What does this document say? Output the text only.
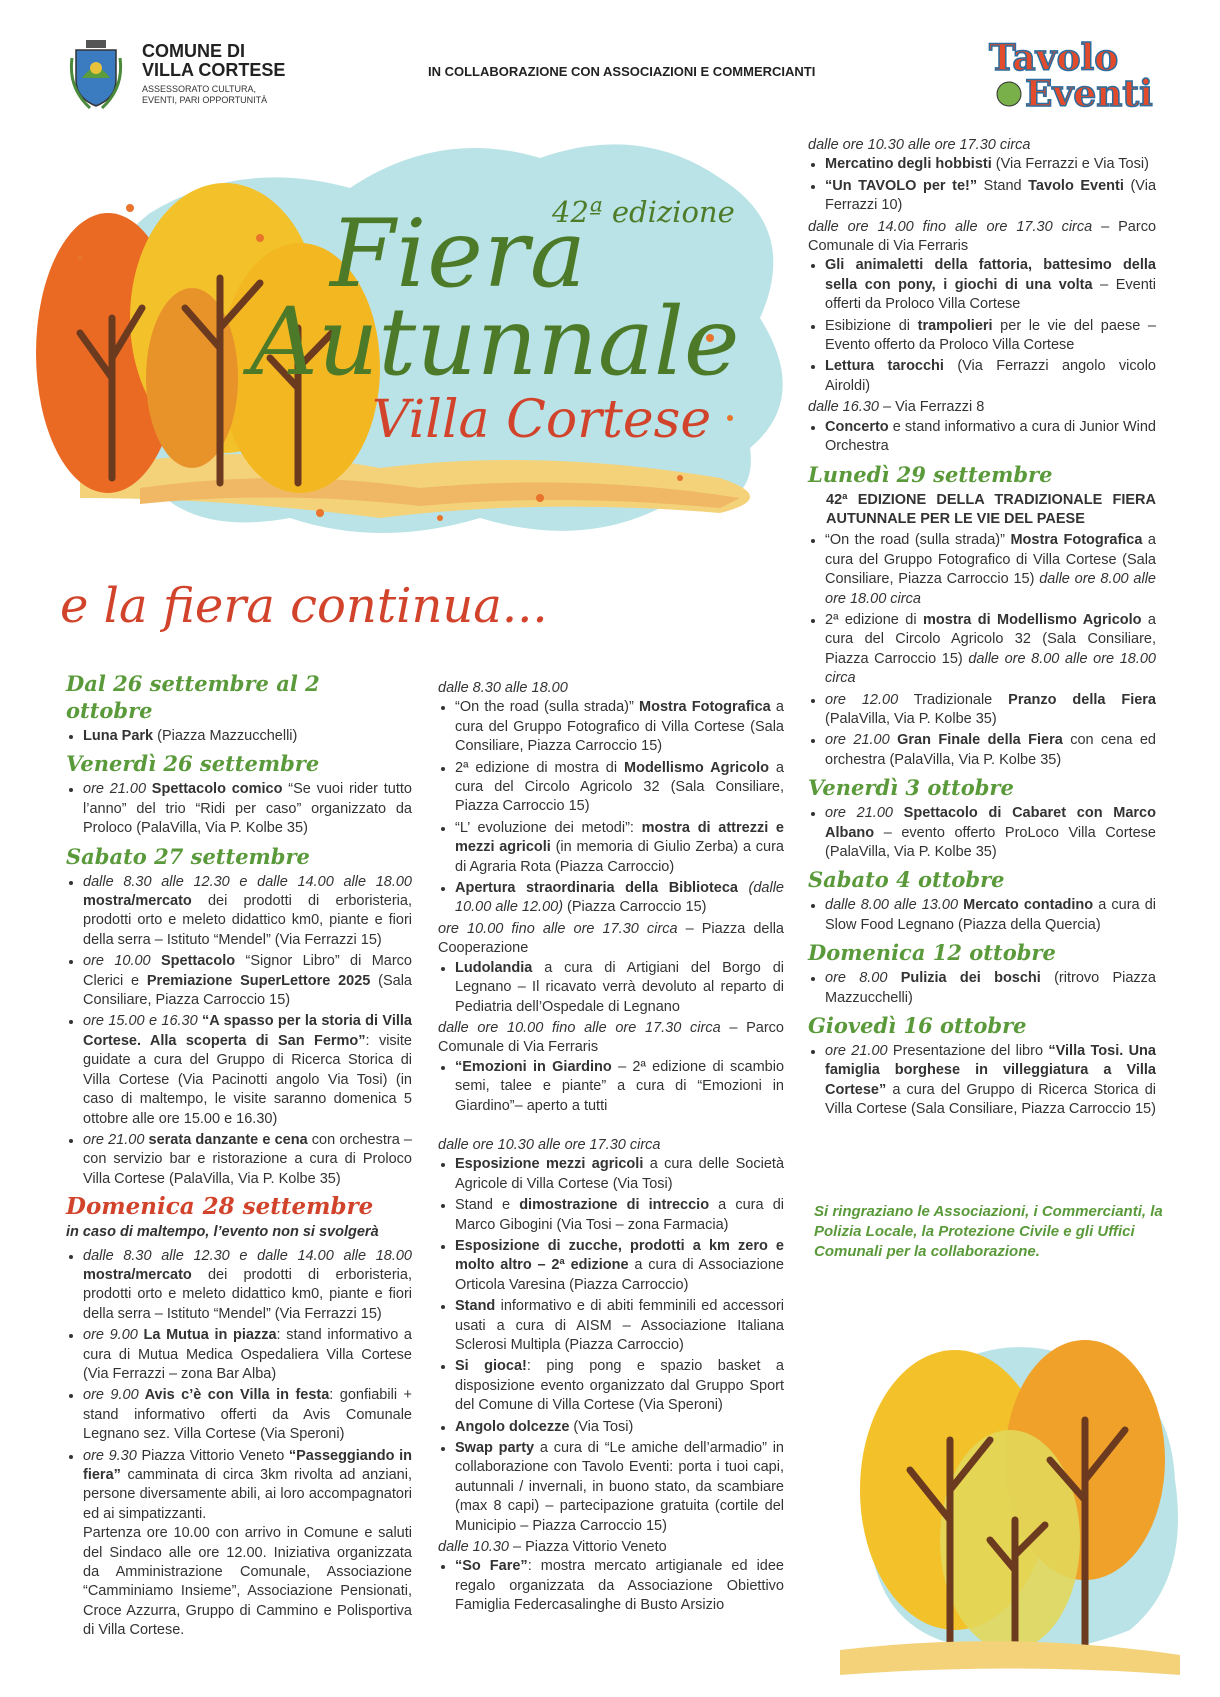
COMUNE DI
VILLA CORTESE
ASSESSORATO CULTURA,
EVENTI, PARI OPPORTUNITÀ
IN COLLABORAZIONE CON ASSOCIAZIONI E COMMERCIANTI	Tavolo
Eventi
42ª edizione
Fiera
Autunnale
Villa Cortese
e la fiera continua...
Dal 26 settembre al 2 ottobre
• Luna Park (Piazza Mazzucchelli)
Venerdì 26 settembre
• ore 21.00 Spettacolo comico “Se vuoi rider tutto l’anno” del trio “Ridi per caso” organizzato da Proloco (PalaVilla, Via P. Kolbe 35)
Sabato 27 settembre
• dalle 8.30 alle 12.30 e dalle 14.00 alle 18.00 mostra/mercato dei prodotti di erboristeria, prodotti orto e meleto didattico km0, piante e fiori della serra – Istituto “Mendel” (Via Ferrazzi 15)
• ore 10.00 Spettacolo “Signor Libro” di Marco Clerici e Premiazione SuperLettore 2025 (Sala Consiliare, Piazza Carroccio 15)
• ore 15.00 e 16.30 “A spasso per la storia di Villa Cortese. Alla scoperta di San Fermo”: visite guidate a cura del Gruppo di Ricerca Storica di Villa Cortese (Via Pacinotti angolo Via Tosi) (in caso di maltempo, le visite saranno domenica 5 ottobre alle ore 15.00 e 16.30)
• ore 21.00 serata danzante e cena con orchestra – con servizio bar e ristorazione a cura di Proloco Villa Cortese (PalaVilla, Via P. Kolbe 35)
Domenica 28 settembre
in caso di maltempo, l’evento non si svolgerà
• dalle 8.30 alle 12.30 e dalle 14.00 alle 18.00 mostra/mercato dei prodotti di erboristeria, prodotti orto e meleto didattico km0, piante e fiori della serra – Istituto “Mendel” (Via Ferrazzi 15)
• ore 9.00 La Mutua in piazza: stand informativo a cura di Mutua Medica Ospedaliera Villa Cortese (Via Ferrazzi – zona Bar Alba)
• ore 9.00 Avis c’è con Villa in festa: gonfiabili + stand informativo offerti da Avis Comunale Legnano sez. Villa Cortese (Via Speroni)
• ore 9.30 Piazza Vittorio Veneto “Passeggiando in fiera” camminata di circa 3km rivolta ad anziani, persone diversamente abili, ai loro accompagnatori ed ai simpatizzanti.
Partenza ore 10.00 con arrivo in Comune e saluti del Sindaco alle ore 12.00. Iniziativa organizzata da Amministrazione Comunale, Associazione “Camminiamo Insieme”, Associazione Pensionati, Croce Azzurra, Gruppo di Cammino e Polisportiva di Villa Cortese.

dalle 8.30 alle 18.00

• “On the road (sulla strada)” Mostra Fotografica a cura del Gruppo Fotografico di Villa Cortese (Sala Consiliare, Piazza Carroccio 15)
• 2ª edizione di mostra di Modellismo Agricolo a cura del Circolo Agricolo 32 (Sala Consiliare, Piazza Carroccio 15)
• “L’ evoluzione dei metodi”: mostra di attrezzi e mezzi agricoli (in memoria di Giulio Zerba) a cura di Agraria Rota (Piazza Carroccio)
• Apertura straordinaria della Biblioteca (dalle 10.00 alle 12.00) (Piazza Carroccio 15)

ore 10.00 fino alle ore 17.30 circa – Piazza della Cooperazione

• Ludolandia a cura di Artigiani del Borgo di Legnano – Il ricavato verrà devoluto al reparto di Pediatria dell’Ospedale di Legnano

dalle ore 10.00 fino alle ore 17.30 circa – Parco Comunale di Via Ferraris

• “Emozioni in Giardino – 2ª edizione di scambio semi, talee e piante” a cura di “Emozioni in Giardino”– aperto a tutti

dalle ore 10.30 alle ore 17.30 circa

• Esposizione mezzi agricoli a cura delle Società Agricole di Villa Cortese (Via Tosi)
• Stand e dimostrazione di intreccio a cura di Marco Gibogini (Via Tosi – zona Farmacia)
• Esposizione di zucche, prodotti a km zero e molto altro – 2ª edizione a cura di Associazione Orticola Varesina (Piazza Carroccio)
• Stand informativo e di abiti femminili ed accessori usati a cura di AISM – Associazione Italiana Sclerosi Multipla (Piazza Carroccio)
• Si gioca!: ping pong e spazio basket a disposizione evento organizzato dal Gruppo Sport del Comune di Villa Cortese (Via Speroni)
• Angolo dolcezze (Via Tosi)
• Swap party a cura di “Le amiche dell’armadio” in collaborazione con Tavolo Eventi: porta i tuoi capi, autunnali / invernali, in buono stato, da scambiare (max 8 capi) – partecipazione gratuita (cortile del Municipio – Piazza Carroccio 15)

dalle 10.30 – Piazza Vittorio Veneto

• “So Fare”: mostra mercato artigianale ed idee regalo organizzata da Associazione Obiettivo Famiglia Federcasalinghe di Busto Arsizio

dalle ore 10.30 alle ore 17.30 circa

• Mercatino degli hobbisti (Via Ferrazzi e Via Tosi)
• “Un TAVOLO per te!” Stand Tavolo Eventi (Via Ferrazzi 10)

dalle ore 14.00 fino alle ore 17.30 circa – Parco Comunale di Via Ferraris

• Gli animaletti della fattoria, battesimo della sella con pony, i giochi di una volta – Eventi offerti da Proloco Villa Cortese
• Esibizione di trampolieri per le vie del paese – Evento offerto da Proloco Villa Cortese
• Lettura tarocchi (Via Ferrazzi angolo vicolo Airoldi)

dalle 16.30 – Via Ferrazzi 8

• Concerto e stand informativo a cura di Junior Wind Orchestra
Lunedì 29 settembre
42ª EDIZIONE DELLA TRADIZIONALE FIERA AUTUNNALE PER LE VIE DEL PAESE
• “On the road (sulla strada)” Mostra Fotografica a cura del Gruppo Fotografico di Villa Cortese (Sala Consiliare, Piazza Carroccio 15) dalle ore 8.00 alle ore 18.00 circa
• 2ª edizione di mostra di Modellismo Agricolo a cura del Circolo Agricolo 32 (Sala Consiliare, Piazza Carroccio 15) dalle ore 8.00 alle ore 18.00 circa
• ore 12.00 Tradizionale Pranzo della Fiera (PalaVilla, Via P. Kolbe 35)
• ore 21.00 Gran Finale della Fiera con cena ed orchestra (PalaVilla, Via P. Kolbe 35)
Venerdì 3 ottobre
• ore 21.00 Spettacolo di Cabaret con Marco Albano – evento offerto ProLoco Villa Cortese (PalaVilla, Via P. Kolbe 35)
Sabato 4 ottobre
• dalle 8.00 alle 13.00 Mercato contadino a cura di Slow Food Legnano (Piazza della Quercia)
Domenica 12 ottobre
• ore 8.00 Pulizia dei boschi (ritrovo Piazza Mazzucchelli)
Giovedì 16 ottobre
• ore 21.00 Presentazione del libro “Villa Tosi. Una famiglia borghese in villeggiatura a Villa Cortese” a cura del Gruppo di Ricerca Storica di Villa Cortese (Sala Consiliare, Piazza Carroccio 15)
Si ringraziano le Associazioni, i Commercianti, la Polizia Locale, la Protezione Civile e gli Uffici Comunali per la collaborazione.
